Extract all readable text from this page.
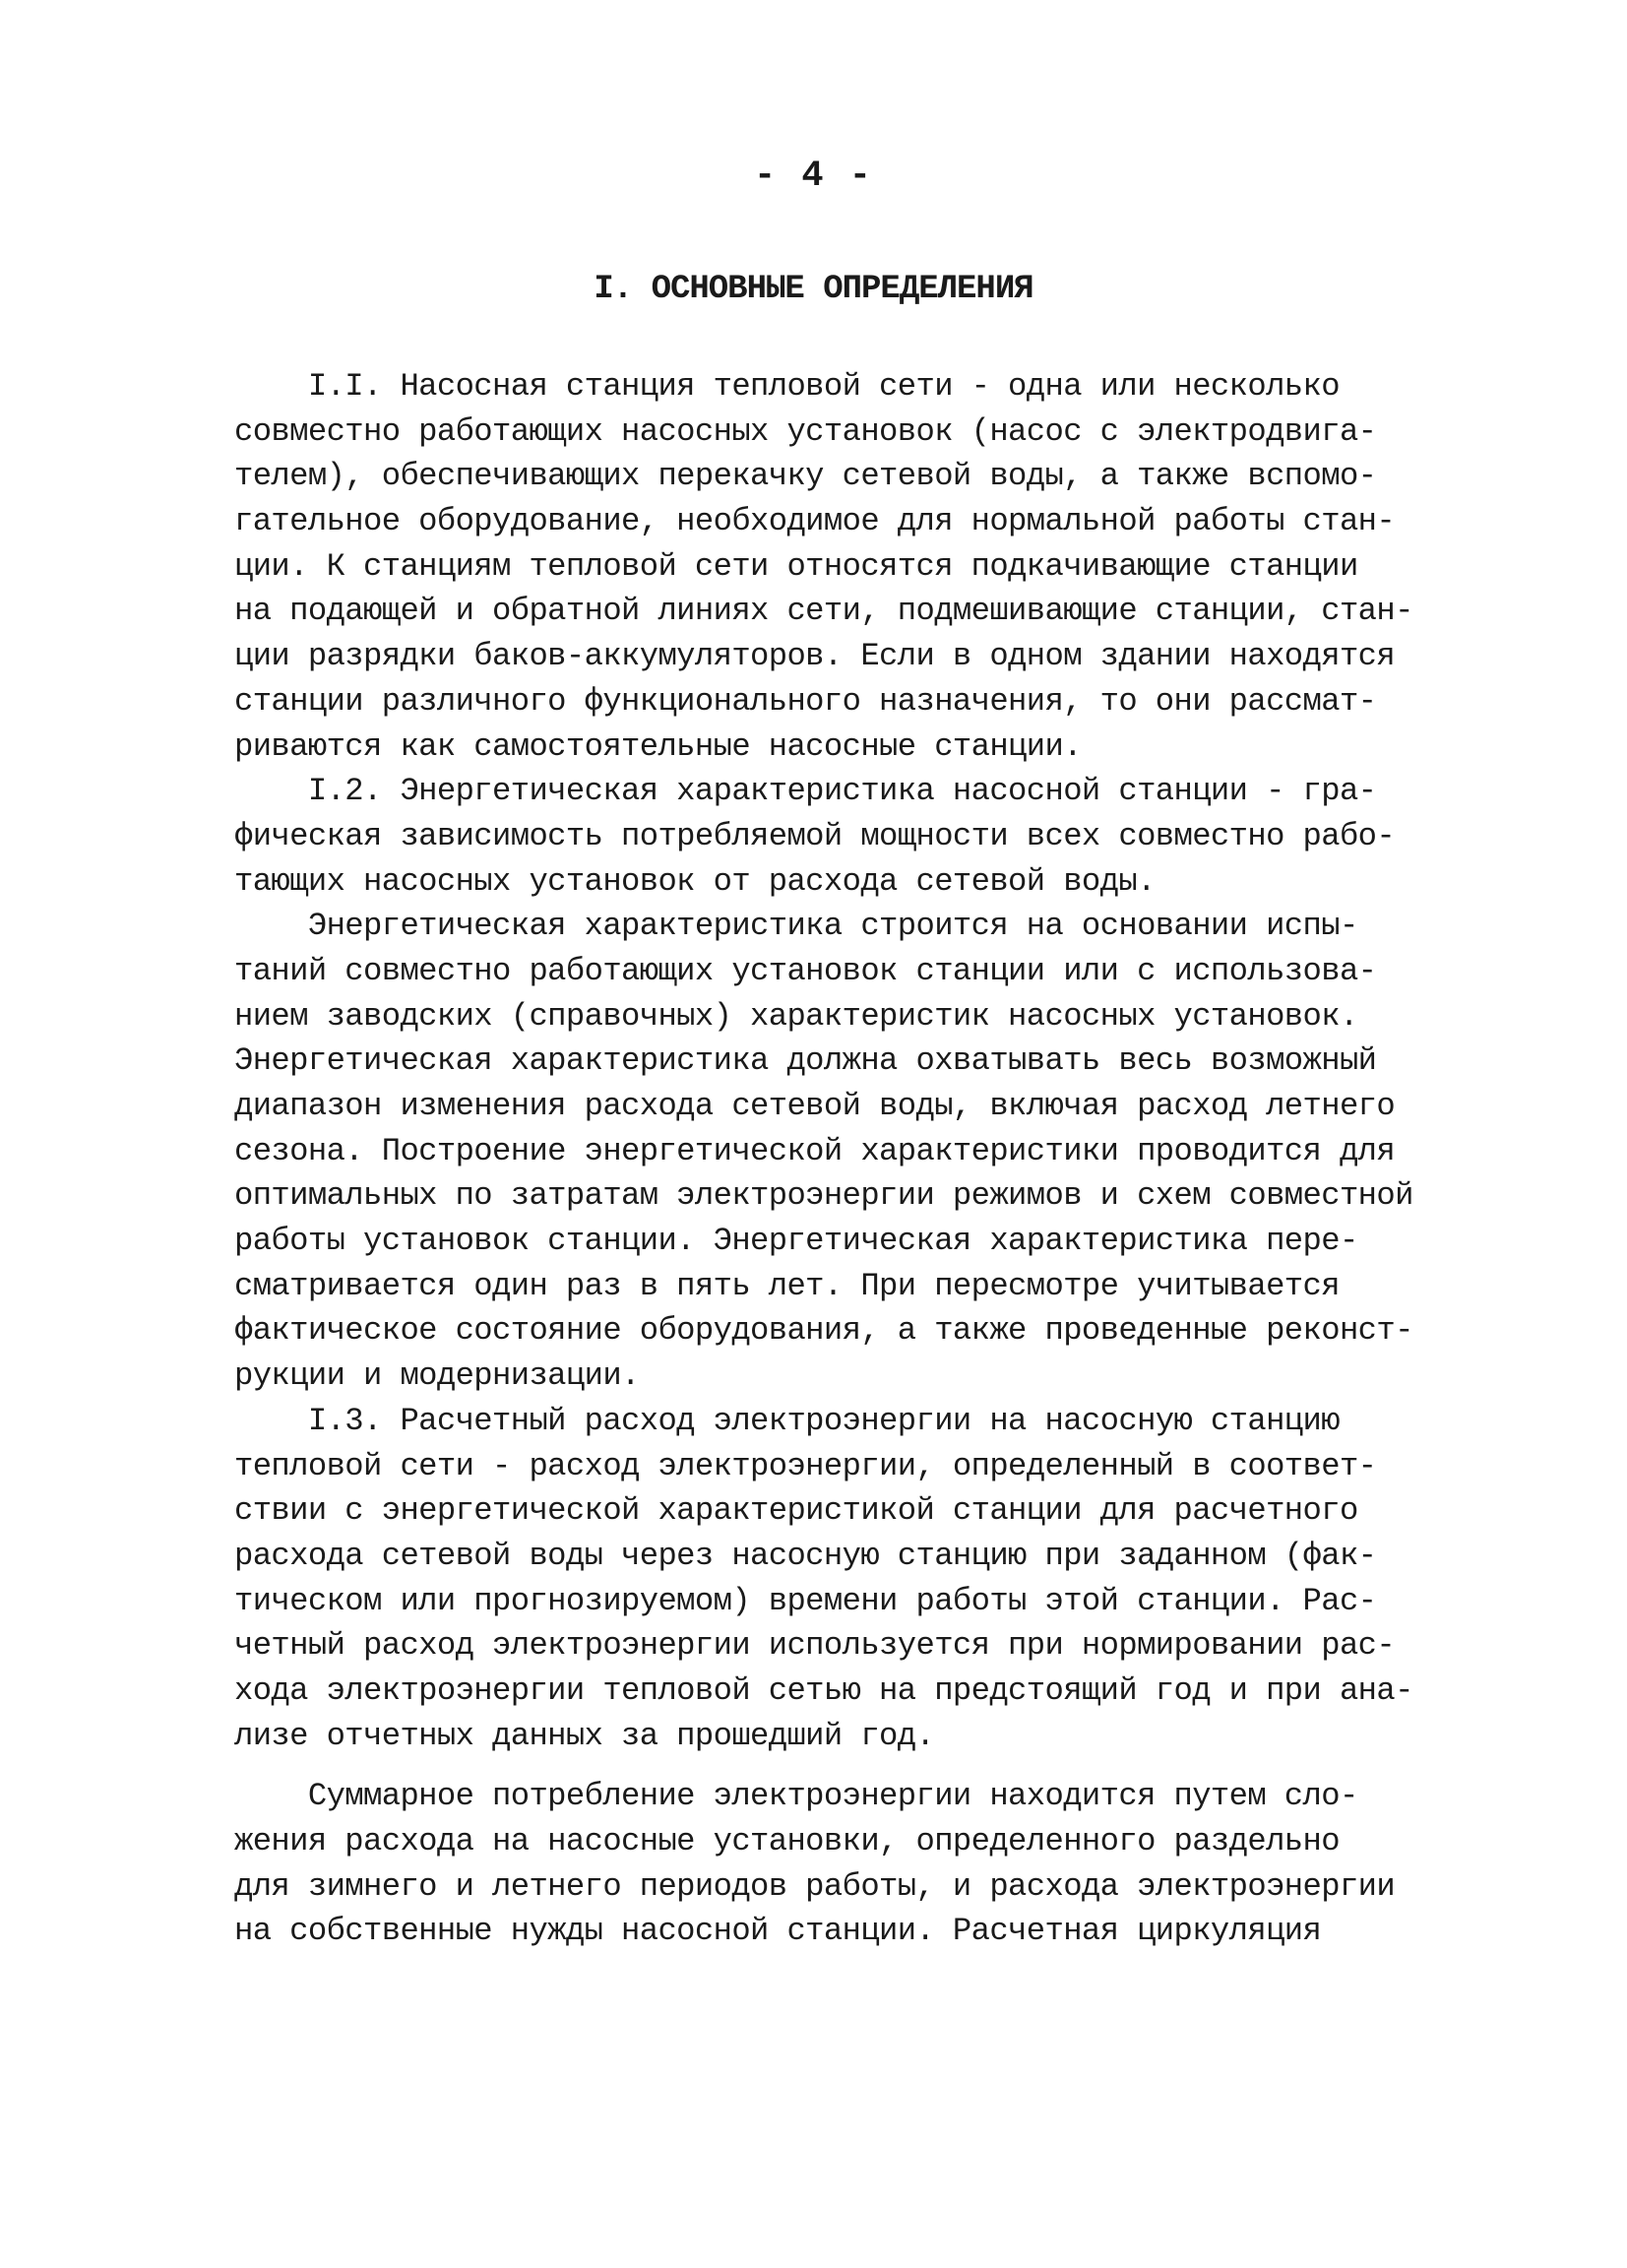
- 4 -

I. ОСНОВНЫЕ ОПРЕДЕЛЕНИЯ

I.I. Насосная станция тепловой сети - одна или несколько

совместно работающих насосных установок (насос с электродвига-

телем), обеспечивающих перекачку сетевой воды, а также вспомо-

гательное оборудование, необходимое для нормальной работы стан-

ции. К станциям тепловой сети относятся подкачивающие станции

на подающей и обратной линиях сети, подмешивающие станции, стан-

ции разрядки баков-аккумуляторов. Если в одном здании находятся

станции различного функционального назначения, то они рассмат-

риваются как самостоятельные насосные станции.

I.2. Энергетическая характеристика насосной станции - гра-

фическая зависимость потребляемой мощности всех совместно рабо-

тающих насосных установок от расхода сетевой воды.

Энергетическая характеристика строится на основании испы-

таний совместно работающих установок станции или с использова-

нием заводских (справочных) характеристик насосных установок.

Энергетическая характеристика должна охватывать весь возможный

диапазон изменения расхода сетевой воды, включая расход летнего

сезона. Построение энергетической характеристики проводится для

оптимальных по затратам электроэнергии режимов и схем совместной

работы установок станции. Энергетическая характеристика пере-

сматривается один раз в пять лет. При пересмотре учитывается

фактическое состояние оборудования, а также проведенные реконст-

рукции и модернизации.

I.3. Расчетный расход электроэнергии на насосную станцию

тепловой сети - расход электроэнергии, определенный в соответ-

ствии с энергетической характеристикой станции для расчетного

расхода сетевой воды через насосную станцию при заданном (фак-

тическом или прогнозируемом) времени работы этой станции. Рас-

четный расход электроэнергии используется при нормировании рас-

хода электроэнергии тепловой сетью на предстоящий год и при ана-

лизе отчетных данных за прошедший год.

Суммарное потребление электроэнергии находится путем сло-

жения расхода на насосные установки, определенного раздельно

для зимнего и летнего периодов работы, и расхода электроэнергии

на собственные нужды насосной станции. Расчетная циркуляция
